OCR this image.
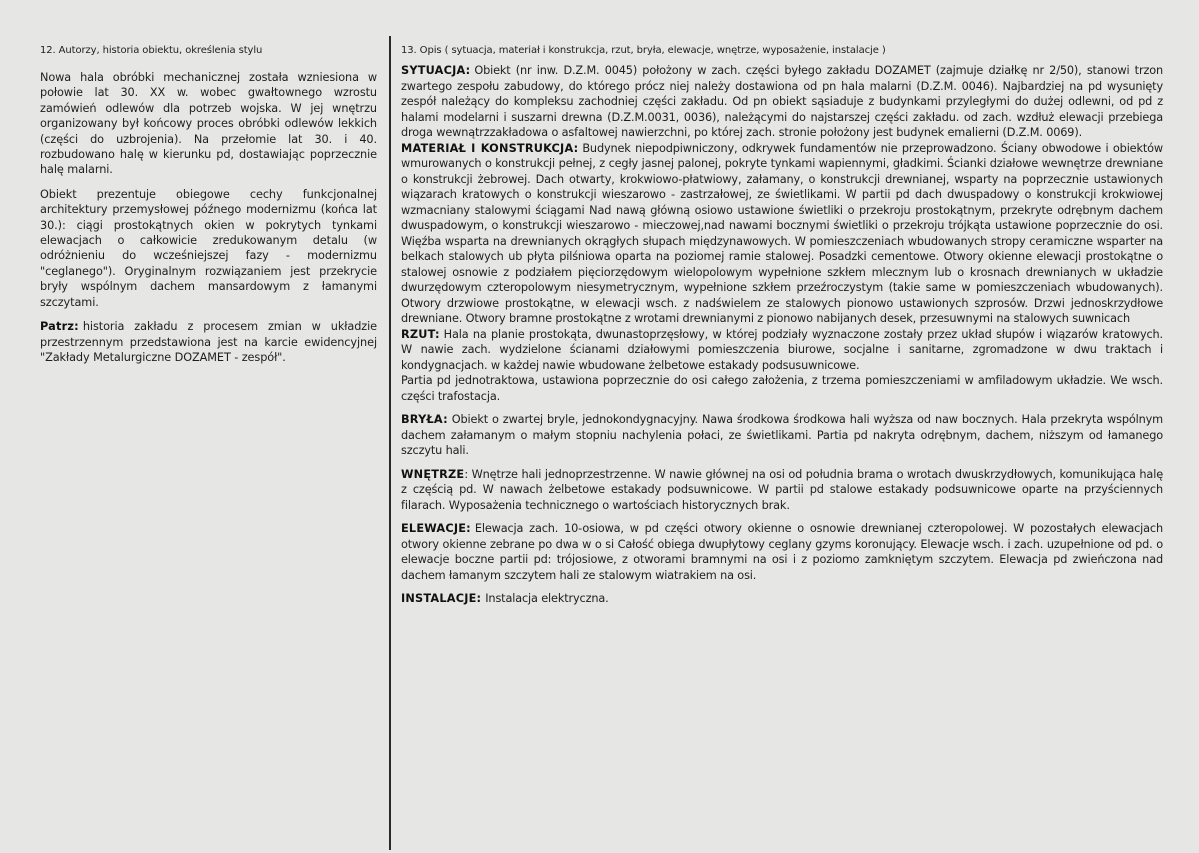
12. Autorzy, historia obiektu, określenia stylu

Nowa hala obróbki mechanicznej została wzniesiona w połowie lat 30. XX w. wobec gwałtownego wzrostu zamówień odlewów dla potrzeb wojska. W jej wnętrzu organizowany był końcowy proces obróbki odlewów lekkich (części do uzbrojenia). Na przełomie lat 30. i 40. rozbudowano halę w kierunku pd, dostawiając poprzecznie halę malarni.

Obiekt prezentuje obiegowe cechy funkcjonalnej architektury przemysłowej późnego modernizmu (końca lat 30.): ciągi prostokątnych okien w pokrytych tynkami elewacjach o całkowicie zredukowanym detalu (w odróżnieniu do wcześniejszej fazy - modernizmu "ceglanego"). Oryginalnym rozwiązaniem jest przekrycie bryły wspólnym dachem mansardowym z łamanymi szczytami.

Patrz: historia zakładu z procesem zmian w układzie przestrzennym przedstawiona jest na karcie ewidencyjnej "Zakłady Metalurgiczne DOZAMET - zespół".

13. Opis ( sytuacja, materiał i konstrukcja, rzut, bryła, elewacje, wnętrze, wyposażenie, instalacje )

SYTUACJA: Obiekt (nr inw. D.Z.M. 0045) położony w zach. części byłego zakładu DOZAMET (zajmuje działkę nr 2/50), stanowi trzon zwartego zespołu zabudowy, do którego prócz niej należy dostawiona od pn hala malarni (D.Z.M. 0046). Najbardziej na pd wysunięty zespół należący do kompleksu zachodniej części zakładu. Od pn obiekt sąsiaduje z budynkami przyległymi do dużej odlewni, od pd z halami modelarni i suszarni drewna (D.Z.M.0031, 0036), należącymi do najstarszej części zakładu. od zach. wzdłuż elewacji przebiega droga wewnątrzzakładowa o asfaltowej nawierzchni, po której zach. stronie położony jest budynek emalierni (D.Z.M. 0069).

MATERIAŁ I KONSTRUKCJA: Budynek niepodpiwniczony, odkrywek fundamentów nie przeprowadzono. Ściany obwodowe i obiektów wmurowanych o konstrukcji pełnej, z cegły jasnej palonej, pokryte tynkami wapiennymi, gładkimi. Ścianki działowe wewnętrze drewniane o konstrukcji żebrowej. Dach otwarty, krokwiowo-płatwiowy, załamany, o konstrukcji drewnianej, wsparty na poprzecznie ustawionych wiązarach kratowych o konstrukcji wieszarowo - zastrzałowej, ze świetlikami. W partii pd dach dwuspadowy o konstrukcji krokwiowej wzmacniany stalowymi ściągami Nad nawą główną osiowo ustawione świetliki o przekroju prostokątnym, przekryte odrębnym dachem dwuspadowym, o konstrukcji wieszarowo - mieczowej,nad nawami bocznymi świetliki o przekroju trójkąta ustawione poprzecznie do osi. Więźba wsparta na drewnianych okrągłych słupach międzynawowych. W pomieszczeniach wbudowanych stropy ceramiczne wsparter na belkach stalowych ub płyta pilśniowa oparta na poziomej ramie stalowej. Posadzki cementowe. Otwory okienne elewacji prostokątne o stalowej osnowie z podziałem pięciorzędowym wielopolowym wypełnione szkłem mlecznym lub o krosnach drewnianych w układzie dwurzędowym czteropolowym niesymetrycznym, wypełnione szkłem przeźroczystym (takie same w pomieszczeniach wbudowanych). Otwory drzwiowe prostokątne, w elewacji wsch. z nadświelem ze stalowych pionowo ustawionych szprosów. Drzwi jednoskrzydłowe drewniane. Otwory bramne prostokątne z wrotami drewnianymi z pionowo nabijanych desek, przesuwnymi na stalowych suwnicach

RZUT: Hala na planie prostokąta, dwunastoprzęsłowy, w której podziały wyznaczone zostały przez układ słupów i wiązarów kratowych. W nawie zach. wydzielone ścianami działowymi pomieszczenia biurowe, socjalne i sanitarne, zgromadzone w dwu traktach i kondygnacjach. w każdej nawie wbudowane żelbetowe estakady podsusuwnicowe.

Partia pd jednotraktowa, ustawiona poprzecznie do osi całego założenia, z trzema pomieszczeniami w amfiladowym układzie. We wsch. części trafostacja.

BRYŁA: Obiekt o zwartej bryle, jednokondygnacyjny. Nawa środkowa środkowa hali wyższa od naw bocznych. Hala przekryta wspólnym dachem załamanym o małym stopniu nachylenia połaci, ze świetlikami. Partia pd nakryta odrębnym, dachem, niższym od łamanego szczytu hali.

WNĘTRZE: Wnętrze hali jednoprzestrzenne. W nawie głównej na osi od południa brama o wrotach dwuskrzydłowych, komunikująca halę z częścią pd. W nawach żelbetowe estakady podsuwnicowe. W partii pd stalowe estakady podsuwnicowe oparte na przyściennych filarach. Wyposażenia technicznego o wartościach historycznych brak.

ELEWACJE: Elewacja zach. 10-osiowa, w pd części otwory okienne o osnowie drewnianej czteropolowej. W pozostałych elewacjach otwory okienne zebrane po dwa w o si Całość obiega dwupłytowy ceglany gzyms koronujący. Elewacje wsch. i zach. uzupełnione od pd. o elewacje boczne partii pd: trójosiowe, z otworami bramnymi na osi i z poziomo zamkniętym szczytem. Elewacja pd zwieńczona nad dachem łamanym szczytem hali ze stalowym wiatrakiem na osi.

INSTALACJE: Instalacja elektryczna.
